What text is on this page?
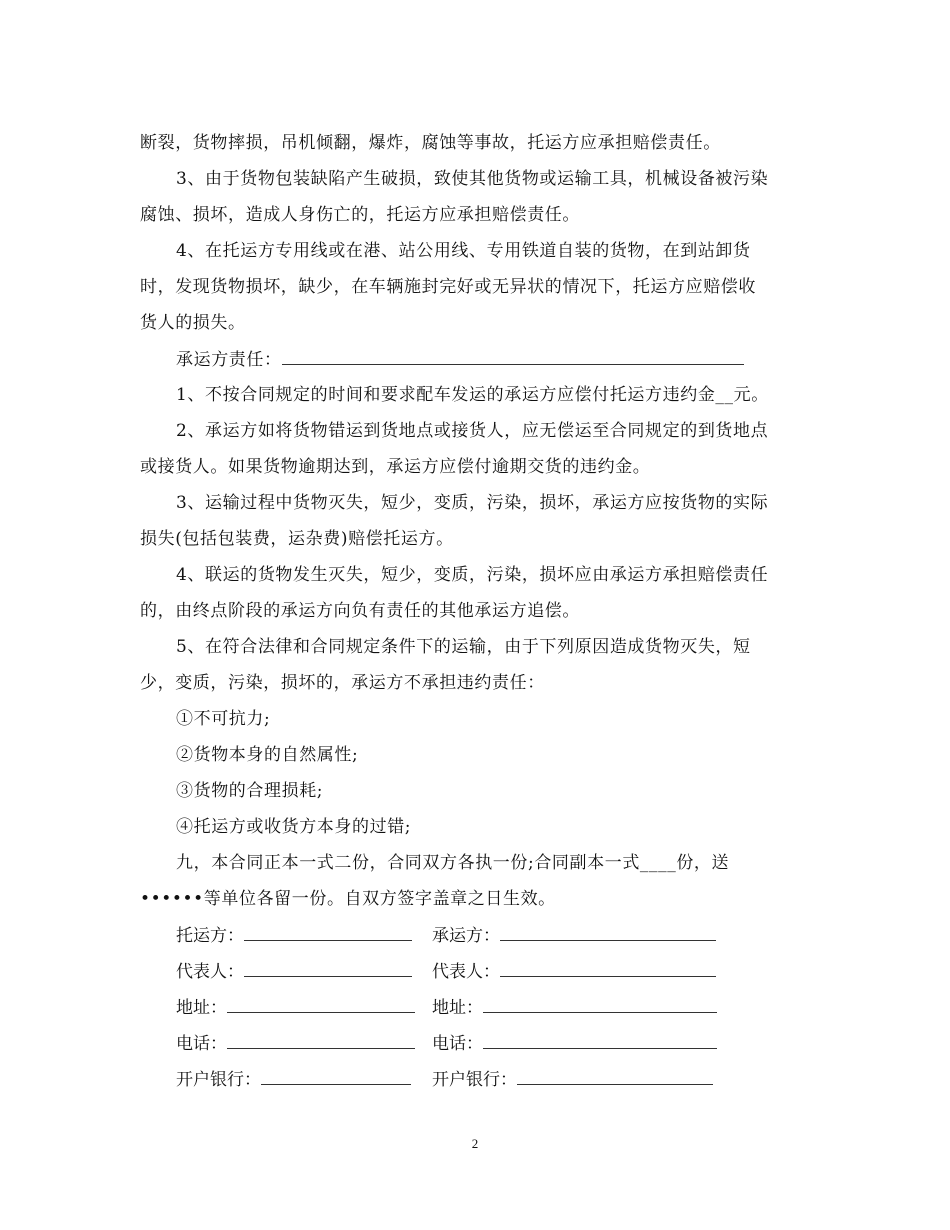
断裂，货物摔损，吊机倾翻，爆炸，腐蚀等事故，托运方应承担赔偿责任。
3、由于货物包装缺陷产生破损，致使其他货物或运输工具，机械设备被污染
腐蚀、损坏，造成人身伤亡的，托运方应承担赔偿责任。
4、在托运方专用线或在港、站公用线、专用铁道自装的货物，在到站卸货
时，发现货物损坏，缺少，在车辆施封完好或无异状的情况下，托运方应赔偿收
货人的损失。
承运方责任：
1、不按合同规定的时间和要求配车发运的承运方应偿付托运方违约金__元。
2、承运方如将货物错运到货地点或接货人，应无偿运至合同规定的到货地点
或接货人。如果货物逾期达到，承运方应偿付逾期交货的违约金。
3、运输过程中货物灭失，短少，变质，污染，损坏，承运方应按货物的实际
损失(包括包装费，运杂费)赔偿托运方。
4、联运的货物发生灭失，短少，变质，污染，损坏应由承运方承担赔偿责任
的，由终点阶段的承运方向负有责任的其他承运方追偿。
5、在符合法律和合同规定条件下的运输，由于下列原因造成货物灭失，短
少，变质，污染，损坏的，承运方不承担违约责任：
①不可抗力;
②货物本身的自然属性;
③货物的合理损耗;
④托运方或收货方本身的过错;
九，本合同正本一式二份，合同双方各执一份;合同副本一式____份，送
••••••等单位各留一份。自双方签字盖章之日生效。
托运方：	承运方：
代表人：	代表人：
地址：	地址：
电话：	电话：
开户银行：	开户银行：
2
